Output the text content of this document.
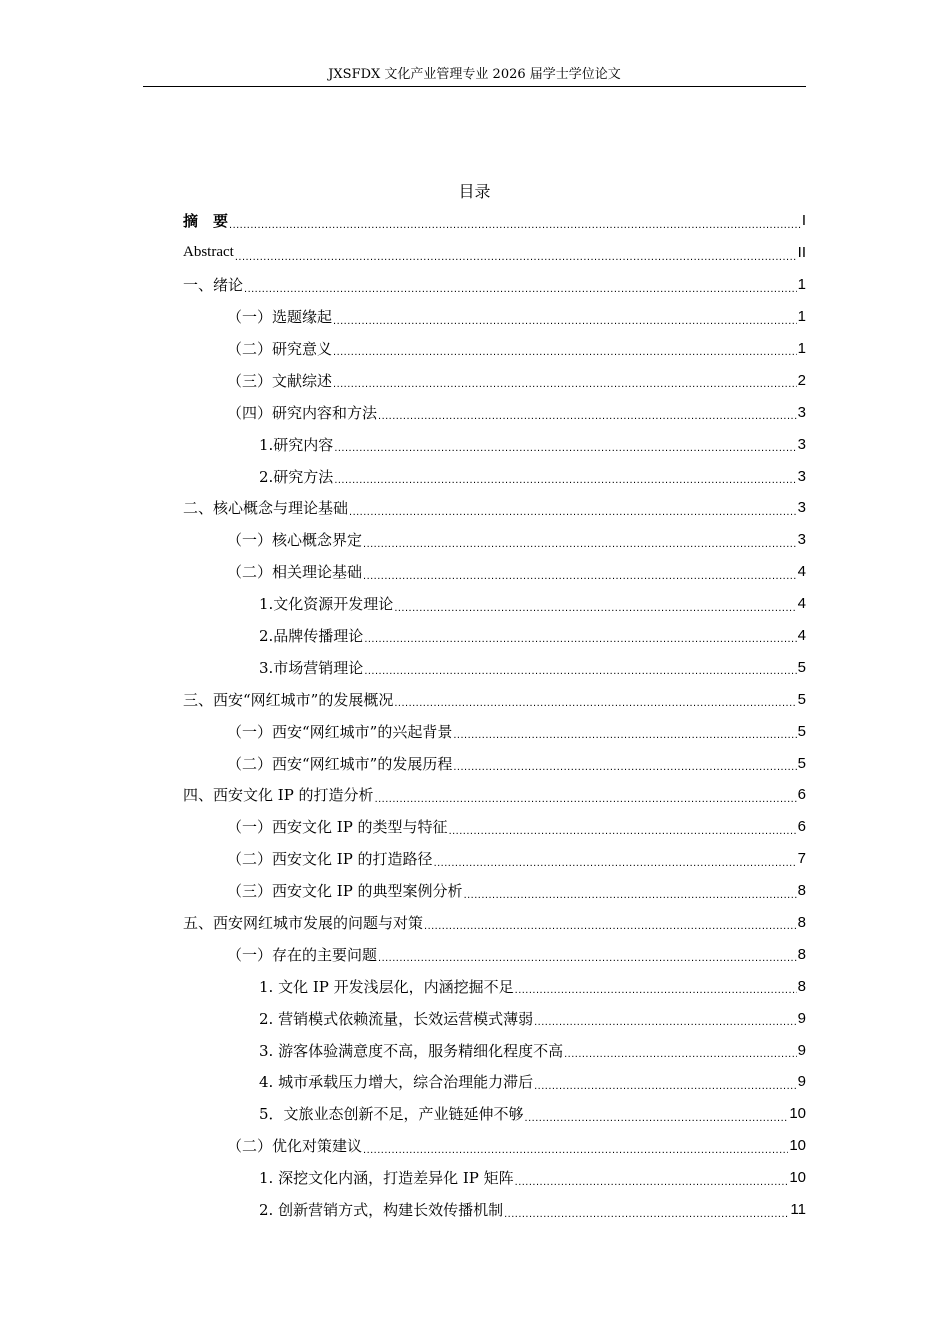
JXSFDX 文化产业管理专业 2026 届学士学位论文
目录
摘　要 .....	I
Abstract .....	II
一、绪论 .....	1
（一）选题缘起 .....	1
（二）研究意义 .....	1
（三）文献综述 .....	2
（四）研究内容和方法 .....	3
1.研究内容 .....	3
2.研究方法 .....	3
二、核心概念与理论基础 .....	3
（一）核心概念界定 .....	3
（二）相关理论基础 .....	4
1.文化资源开发理论 .....	4
2.品牌传播理论 .....	4
3.市场营销理论 .....	5
三、西安“网红城市”的发展概况 .....	5
（一）西安“网红城市”的兴起背景 .....	5
（二）西安“网红城市”的发展历程 .....	5
四、西安文化 IP 的打造分析 .....	6
（一）西安文化 IP 的类型与特征 .....	6
（二）西安文化 IP 的打造路径 .....	7
（三）西安文化 IP 的典型案例分析 .....	8
五、西安网红城市发展的问题与对策 .....	8
（一）存在的主要问题 .....	8
1. 文化 IP 开发浅层化，内涵挖掘不足 .....	8
2. 营销模式依赖流量，长效运营模式薄弱 .....	9
3. 游客体验满意度不高，服务精细化程度不高 .....	9
4. 城市承载压力增大，综合治理能力滞后 .....	9
5．文旅业态创新不足，产业链延伸不够 .....	10
（二）优化对策建议 .....	10
1. 深挖文化内涵，打造差异化 IP 矩阵 .....	10
2. 创新营销方式，构建长效传播机制 .....	11
